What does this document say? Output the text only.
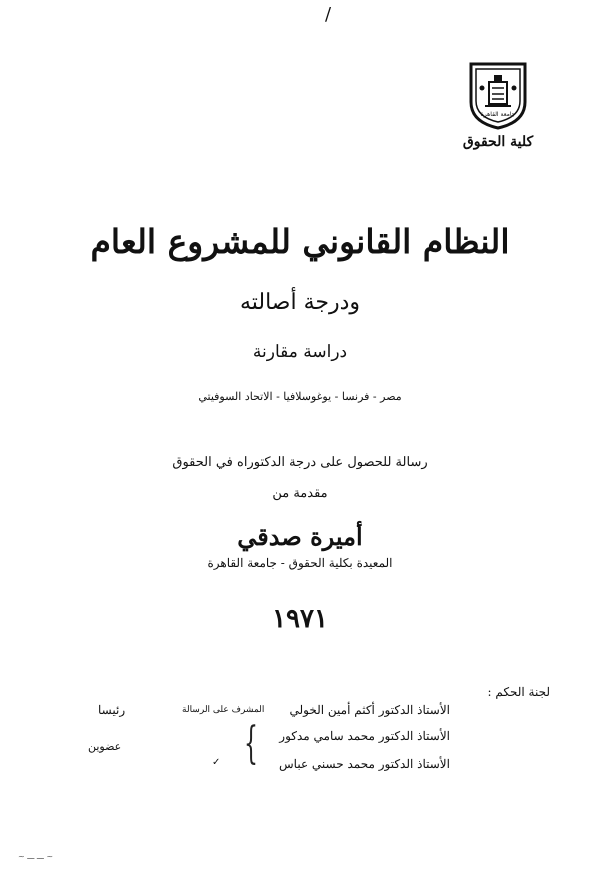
/
جامعة القاهرة
كلية الحقوق
النظام القانوني للمشروع العام
ودرجة أصالته
دراسة مقارنة
مصر - فرنسا - يوغوسلافيا - الاتحاد السوفيتي
رسالة للحصول على درجة الدكتوراه في الحقوق
مقدمة من
أميرة صدقي
المعيدة بكلية الحقوق - جامعة القاهرة
١٩٧١
لجنة الحكم :
الأستاذ الدكتور أكثم أمين الخولي
الأستاذ الدكتور محمد سامي مدكور
الأستاذ الدكتور محمد حسني عباس
المشرف على الرسالة
رئيسا
عضوين	{
✓
~ ـــ ـــ ~
